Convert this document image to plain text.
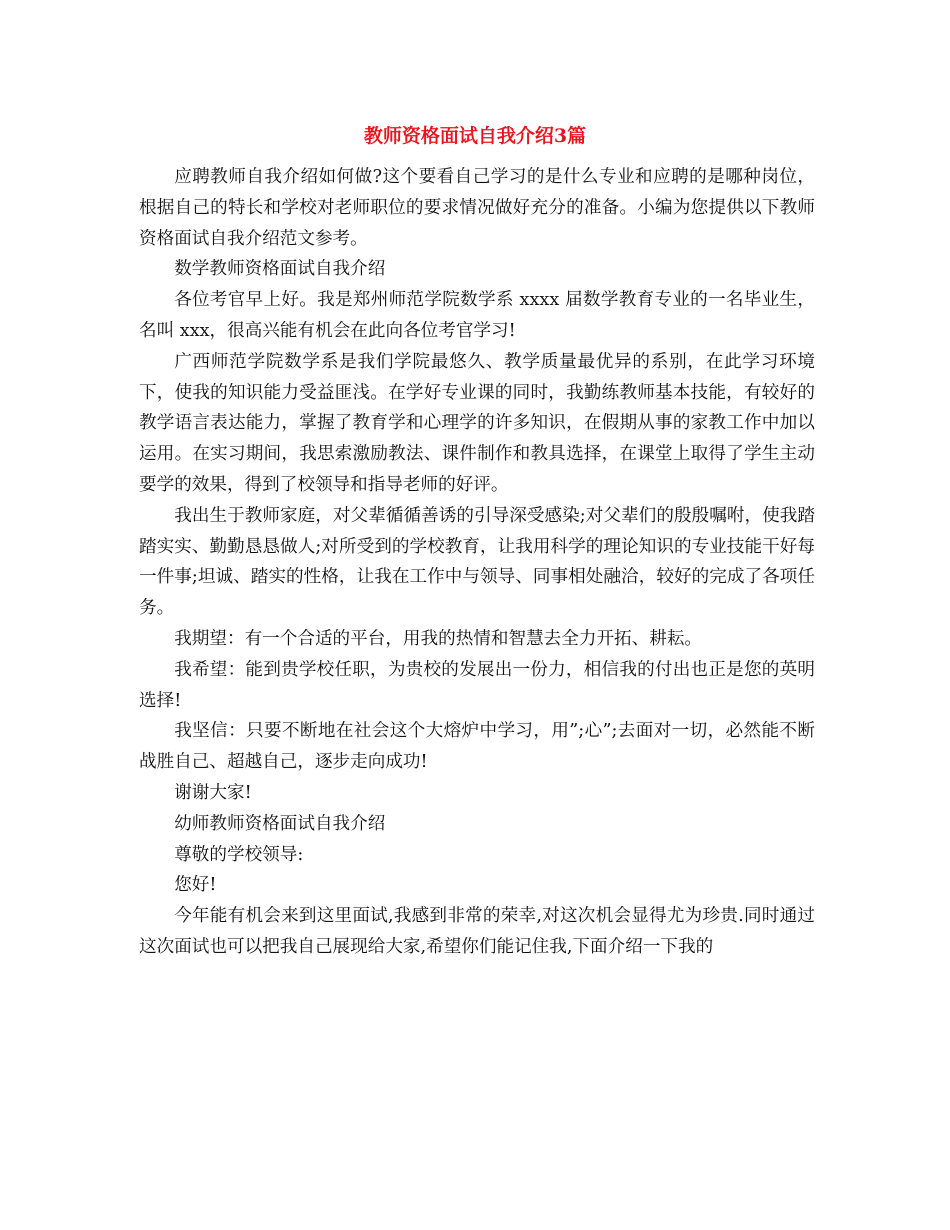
教师资格面试自我介绍3篇

应聘教师自我介绍如何做?这个要看自己学习的是什么专业和应聘的是哪种岗位，根据自己的特长和学校对老师职位的要求情况做好充分的准备。小编为您提供以下教师资格面试自我介绍范文参考。

数学教师资格面试自我介绍

各位考官早上好。我是郑州师范学院数学系 xxxx 届数学教育专业的一名毕业生，名叫 xxx，很高兴能有机会在此向各位考官学习!

广西师范学院数学系是我们学院最悠久、教学质量最优异的系别，在此学习环境下，使我的知识能力受益匪浅。在学好专业课的同时，我勤练教师基本技能，有较好的教学语言表达能力，掌握了教育学和心理学的许多知识，在假期从事的家教工作中加以运用。在实习期间，我思索激励教法、课件制作和教具选择，在课堂上取得了学生主动要学的效果，得到了校领导和指导老师的好评。

我出生于教师家庭，对父辈循循善诱的引导深受感染;对父辈们的殷殷嘱咐，使我踏踏实实、勤勤恳恳做人;对所受到的学校教育，让我用科学的理论知识的专业技能干好每一件事;坦诚、踏实的性格，让我在工作中与领导、同事相处融洽，较好的完成了各项任务。

我期望：有一个合适的平台，用我的热情和智慧去全力开拓、耕耘。

我希望：能到贵学校任职，为贵校的发展出一份力，相信我的付出也正是您的英明选择!

我坚信：只要不断地在社会这个大熔炉中学习，用”;心”;去面对一切，必然能不断战胜自己、超越自己，逐步走向成功!

谢谢大家!

幼师教师资格面试自我介绍

尊敬的学校领导:

您好!

今年能有机会来到这里面试,我感到非常的荣幸,对这次机会显得尤为珍贵.同时通过这次面试也可以把我自己展现给大家,希望你们能记住我,下面介绍一下我的
